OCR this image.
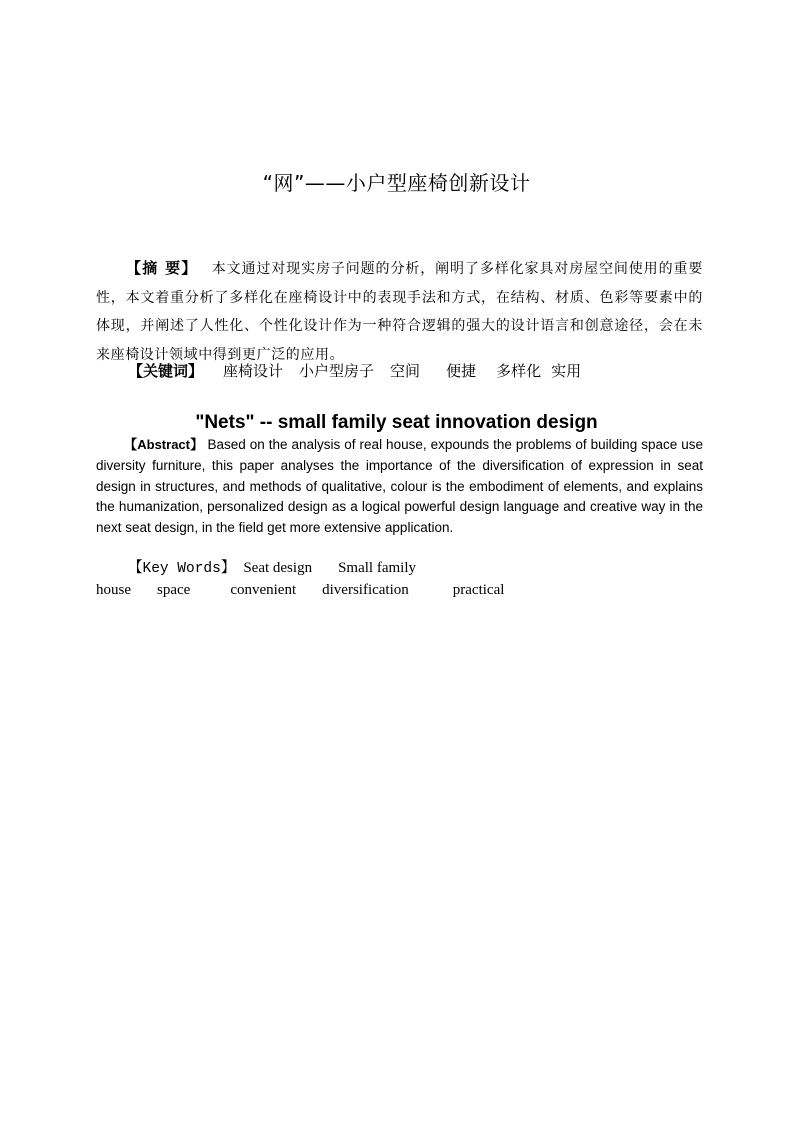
“网”——小户型座椅创新设计

【摘 要】 本文通过对现实房子问题的分析，阐明了多样化家具对房屋空间使用的重要性，本文着重分析了多样化在座椅设计中的表现手法和方式，在结构、材质、色彩等要素中的体现，并阐述了人性化、个性化设计作为一种符合逻辑的强大的设计语言和创意途径，会在未来座椅设计领域中得到更广泛的应用。

【关键词】 座椅设计 小户型房子 空间 便捷 多样化 实用
"Nets" -- small family seat innovation design

【Abstract】 Based on the analysis of real house, expounds the problems of building space use diversity furniture, this paper analyses the importance of the diversification of expression in seat design in structures, and methods of qualitative, colour is the embodiment of elements, and explains the humanization, personalized design as a logical powerful design language and creative way in the next seat design, in the field get more extensive application.

【Key Words】 Seat design Small family house space	convenient diversification	practical
